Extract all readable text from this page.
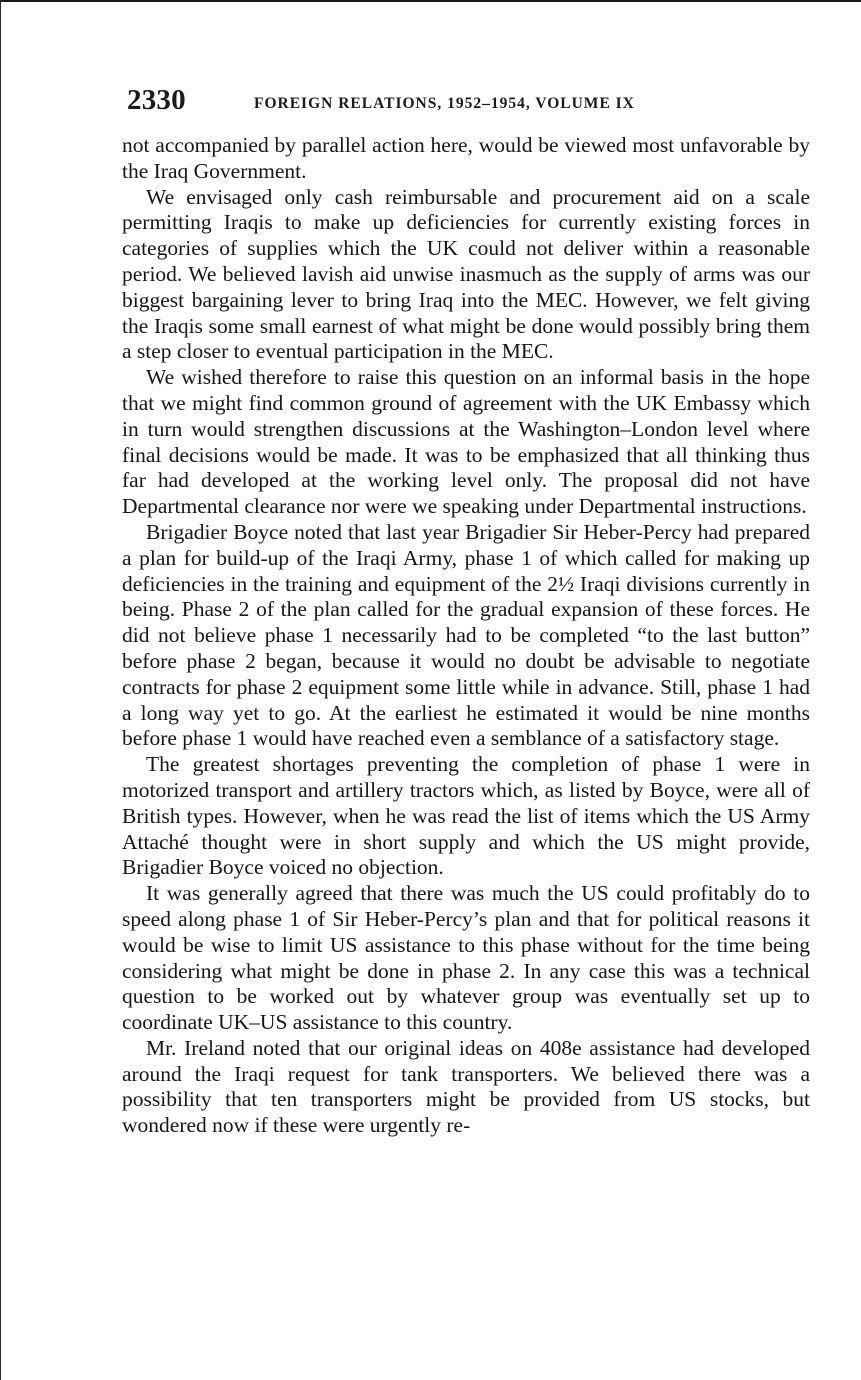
2330	FOREIGN RELATIONS, 1952–1954, VOLUME IX

not accompanied by parallel action here, would be viewed most unfavorable by the Iraq Government.

We envisaged only cash reimbursable and procurement aid on a scale permitting Iraqis to make up deficiencies for currently existing forces in categories of supplies which the UK could not deliver within a reasonable period. We believed lavish aid unwise inasmuch as the supply of arms was our biggest bargaining lever to bring Iraq into the MEC. However, we felt giving the Iraqis some small earnest of what might be done would possibly bring them a step closer to eventual participation in the MEC.

We wished therefore to raise this question on an informal basis in the hope that we might find common ground of agreement with the UK Embassy which in turn would strengthen discussions at the Washington–London level where final decisions would be made. It was to be emphasized that all thinking thus far had developed at the working level only. The proposal did not have Departmental clearance nor were we speaking under Departmental instructions.

Brigadier Boyce noted that last year Brigadier Sir Heber-Percy had prepared a plan for build-up of the Iraqi Army, phase 1 of which called for making up deficiencies in the training and equipment of the 2½ Iraqi divisions currently in being. Phase 2 of the plan called for the gradual expansion of these forces. He did not believe phase 1 necessarily had to be completed “to the last button” before phase 2 began, because it would no doubt be advisable to negotiate contracts for phase 2 equipment some little while in advance. Still, phase 1 had a long way yet to go. At the earliest he estimated it would be nine months before phase 1 would have reached even a semblance of a satisfactory stage.

The greatest shortages preventing the completion of phase 1 were in motorized transport and artillery tractors which, as listed by Boyce, were all of British types. However, when he was read the list of items which the US Army Attaché thought were in short supply and which the US might provide, Brigadier Boyce voiced no objection.

It was generally agreed that there was much the US could profitably do to speed along phase 1 of Sir Heber-Percy’s plan and that for political reasons it would be wise to limit US assistance to this phase without for the time being considering what might be done in phase 2. In any case this was a technical question to be worked out by whatever group was eventually set up to coordinate UK–US assistance to this country.

Mr. Ireland noted that our original ideas on 408e assistance had developed around the Iraqi request for tank transporters. We believed there was a possibility that ten transporters might be provided from US stocks, but wondered now if these were urgently re-
